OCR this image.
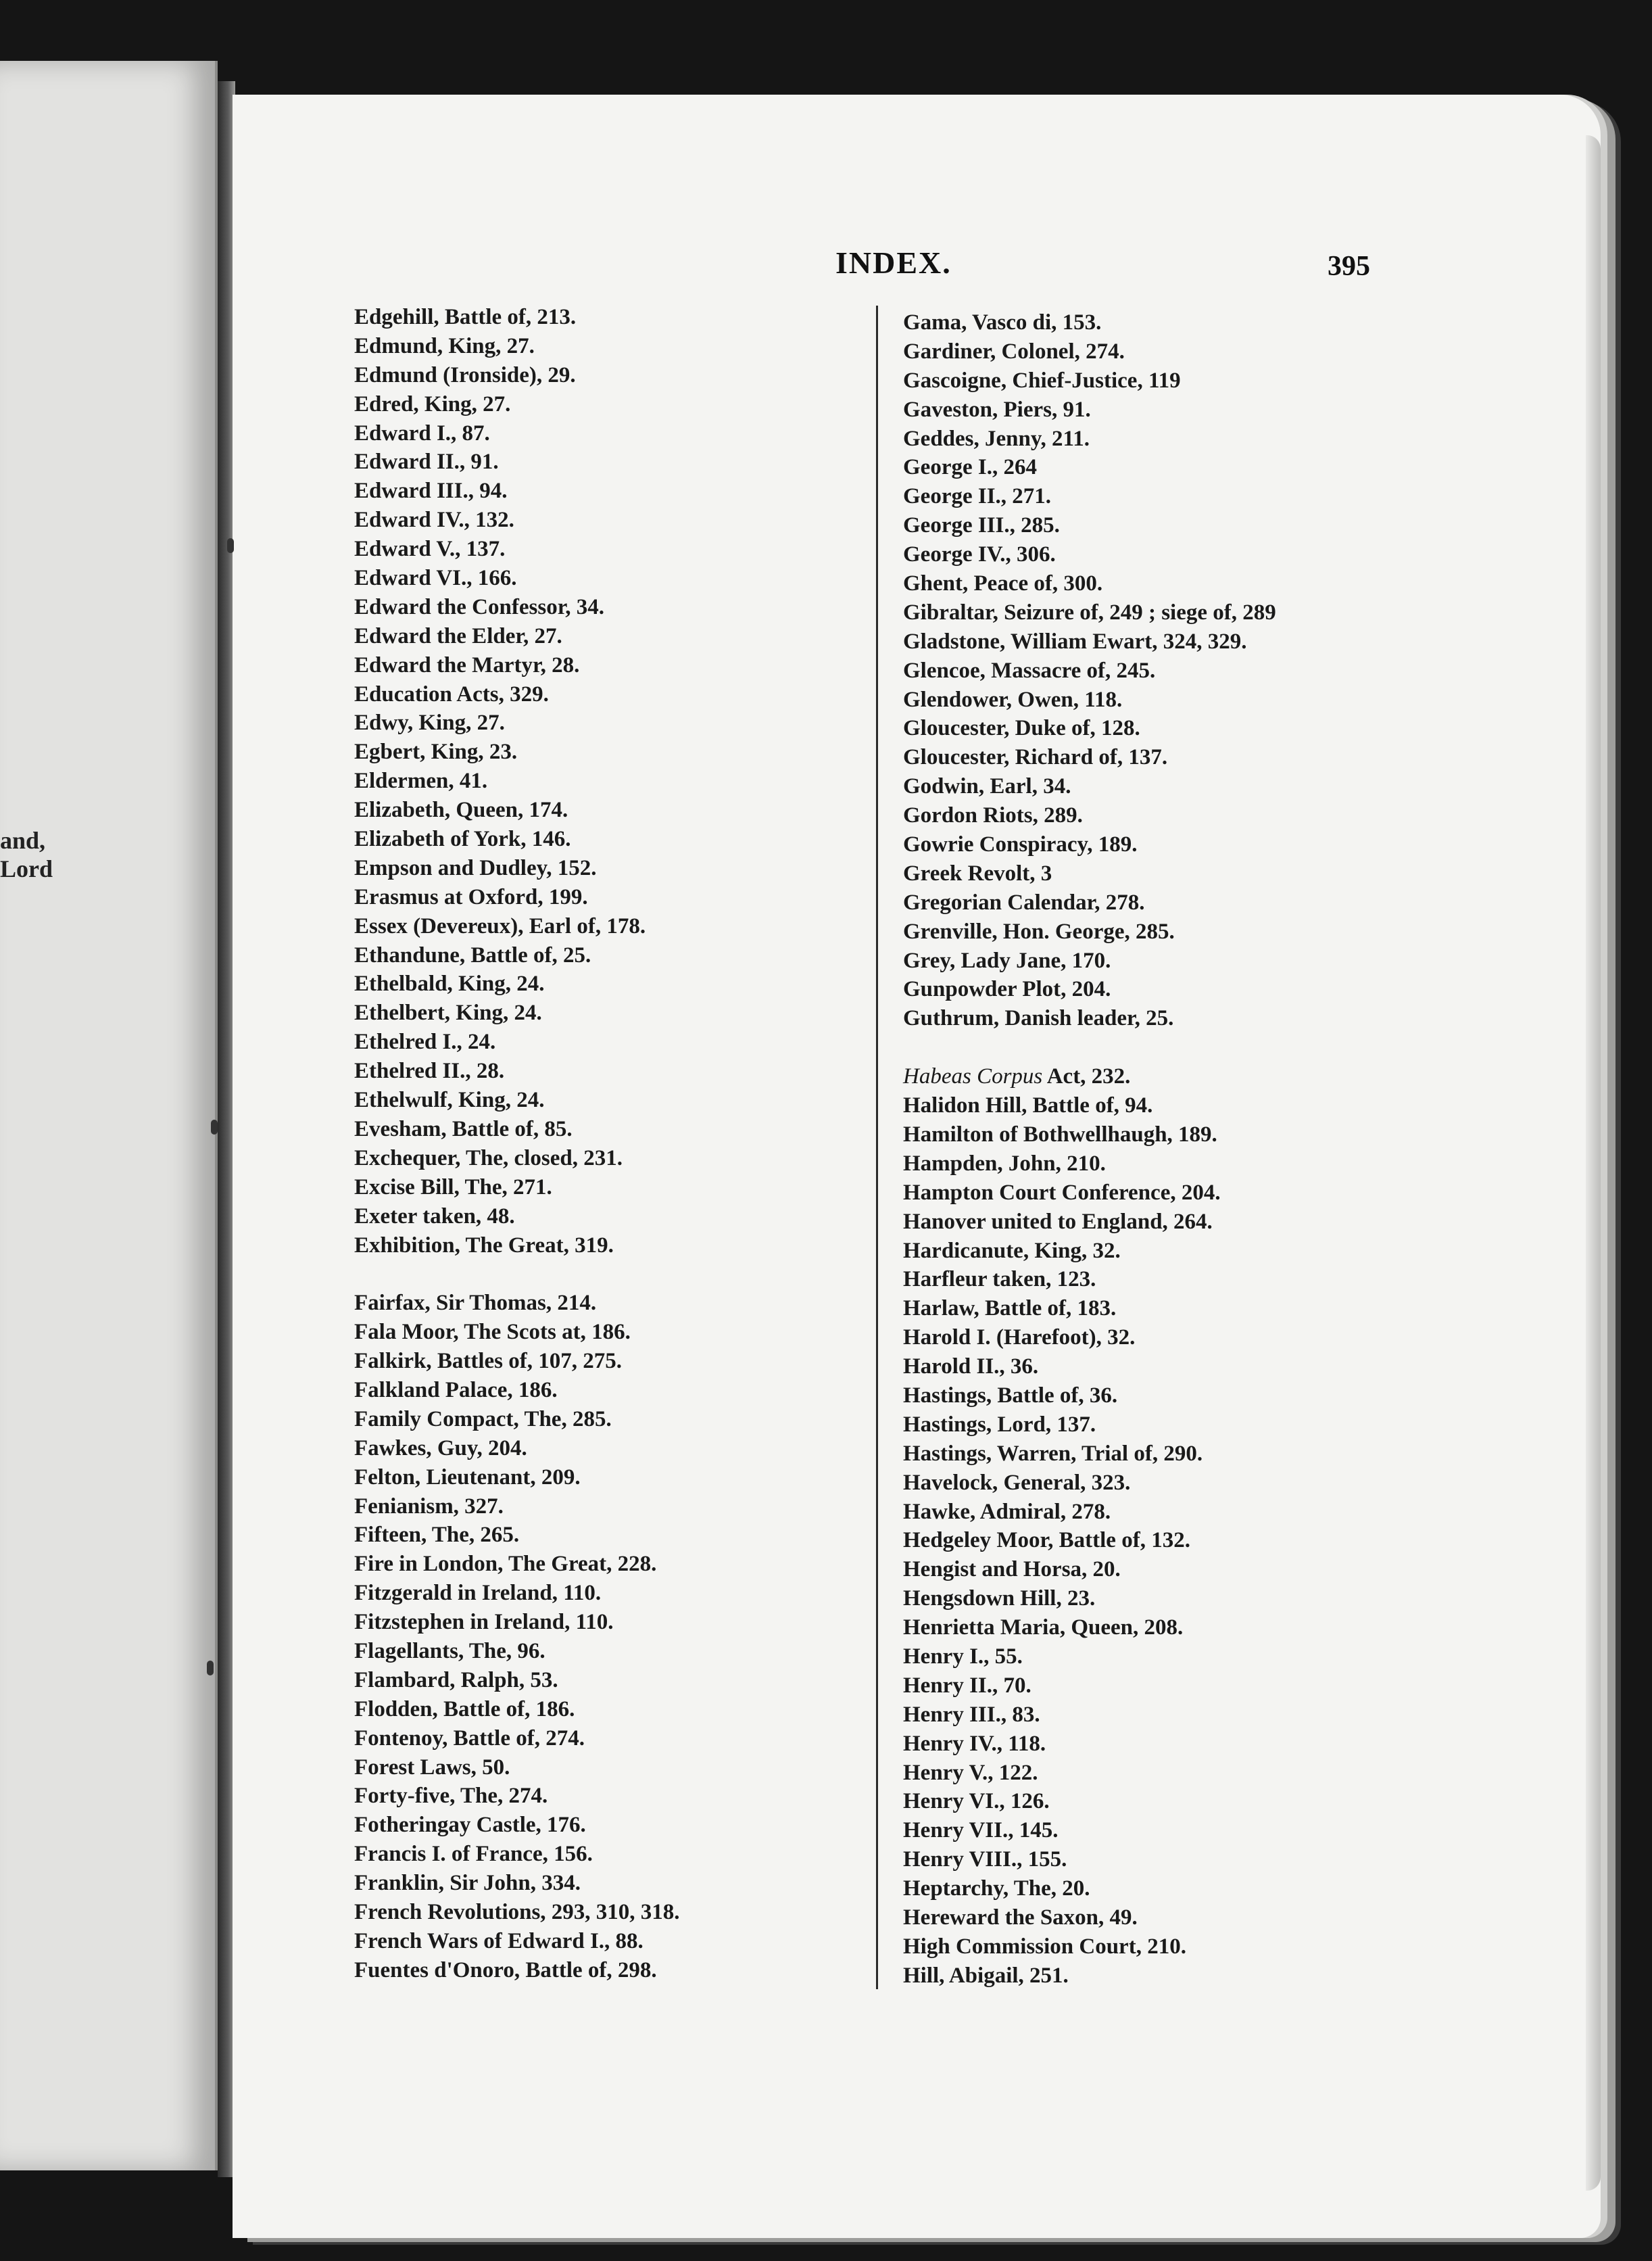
and,
Lord
INDEX.	395
Edgehill, Battle of, 213.
Edmund, King, 27.
Edmund (Ironside), 29.
Edred, King, 27.
Edward I., 87.
Edward II., 91.
Edward III., 94.
Edward IV., 132.
Edward V., 137.
Edward VI., 166.
Edward the Confessor, 34.
Edward the Elder, 27.
Edward the Martyr, 28.
Education Acts, 329.
Edwy, King, 27.
Egbert, King, 23.
Eldermen, 41.
Elizabeth, Queen, 174.
Elizabeth of York, 146.
Empson and Dudley, 152.
Erasmus at Oxford, 199.
Essex (Devereux), Earl of, 178.
Ethandune, Battle of, 25.
Ethelbald, King, 24.
Ethelbert, King, 24.
Ethelred I., 24.
Ethelred II., 28.
Ethelwulf, King, 24.
Evesham, Battle of, 85.
Exchequer, The, closed, 231.
Excise Bill, The, 271.
Exeter taken, 48.
Exhibition, The Great, 319.
Fairfax, Sir Thomas, 214.
Fala Moor, The Scots at, 186.
Falkirk, Battles of, 107, 275.
Falkland Palace, 186.
Family Compact, The, 285.
Fawkes, Guy, 204.
Felton, Lieutenant, 209.
Fenianism, 327.
Fifteen, The, 265.
Fire in London, The Great, 228.
Fitzgerald in Ireland, 110.
Fitzstephen in Ireland, 110.
Flagellants, The, 96.
Flambard, Ralph, 53.
Flodden, Battle of, 186.
Fontenoy, Battle of, 274.
Forest Laws, 50.
Forty-five, The, 274.
Fotheringay Castle, 176.
Francis I. of France, 156.
Franklin, Sir John, 334.
French Revolutions, 293, 310, 318.
French Wars of Edward I., 88.
Fuentes d'Onoro, Battle of, 298.
Gama, Vasco di, 153.
Gardiner, Colonel, 274.
Gascoigne, Chief-Justice, 119
Gaveston, Piers, 91.
Geddes, Jenny, 211.
George I., 264
George II., 271.
George III., 285.
George IV., 306.
Ghent, Peace of, 300.
Gibraltar, Seizure of, 249 ; siege of, 289
Gladstone, William Ewart, 324, 329.
Glencoe, Massacre of, 245.
Glendower, Owen, 118.
Gloucester, Duke of, 128.
Gloucester, Richard of, 137.
Godwin, Earl, 34.
Gordon Riots, 289.
Gowrie Conspiracy, 189.
Greek Revolt, 3
Gregorian Calendar, 278.
Grenville, Hon. George, 285.
Grey, Lady Jane, 170.
Gunpowder Plot, 204.
Guthrum, Danish leader, 25.
Habeas Corpus Act, 232.
Halidon Hill, Battle of, 94.
Hamilton of Bothwellhaugh, 189.
Hampden, John, 210.
Hampton Court Conference, 204.
Hanover united to England, 264.
Hardicanute, King, 32.
Harfleur taken, 123.
Harlaw, Battle of, 183.
Harold I. (Harefoot), 32.
Harold II., 36.
Hastings, Battle of, 36.
Hastings, Lord, 137.
Hastings, Warren, Trial of, 290.
Havelock, General, 323.
Hawke, Admiral, 278.
Hedgeley Moor, Battle of, 132.
Hengist and Horsa, 20.
Hengsdown Hill, 23.
Henrietta Maria, Queen, 208.
Henry I., 55.
Henry II., 70.
Henry III., 83.
Henry IV., 118.
Henry V., 122.
Henry VI., 126.
Henry VII., 145.
Henry VIII., 155.
Heptarchy, The, 20.
Hereward the Saxon, 49.
High Commission Court, 210.
Hill, Abigail, 251.
